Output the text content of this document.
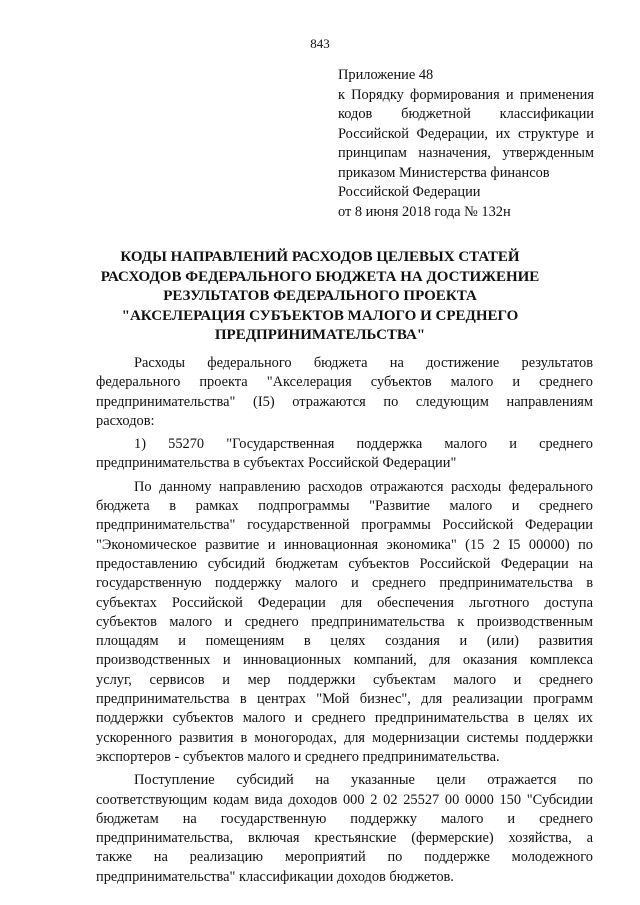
843
Приложение 48
к Порядку формирования и применения
кодов бюджетной классификации
Российской Федерации, их структуре и
принципам назначения, утвержденным
приказом Министерства финансов
Российской Федерации
от 8 июня 2018 года № 132н
КОДЫ НАПРАВЛЕНИЙ РАСХОДОВ ЦЕЛЕВЫХ СТАТЕЙ
РАСХОДОВ ФЕДЕРАЛЬНОГО БЮДЖЕТА НА ДОСТИЖЕНИЕ
РЕЗУЛЬТАТОВ ФЕДЕРАЛЬНОГО ПРОЕКТА
"АКСЕЛЕРАЦИЯ СУБЪЕКТОВ МАЛОГО И СРЕДНЕГО
ПРЕДПРИНИМАТЕЛЬСТВА"
Расходы федерального бюджета на достижение результатов
федерального проекта "Акселерация субъектов малого и среднего
предпринимательства" (I5) отражаются по следующим направлениям
расходов:
1) 55270 "Государственная поддержка малого и среднего
предпринимательства в субъектах Российской Федерации"
По данному направлению расходов отражаются расходы федерального
бюджета в рамках подпрограммы "Развитие малого и среднего
предпринимательства" государственной программы Российской Федерации
"Экономическое развитие и инновационная экономика" (15 2 I5 00000) по
предоставлению субсидий бюджетам субъектов Российской Федерации на
государственную поддержку малого и среднего предпринимательства в
субъектах Российской Федерации для обеспечения льготного доступа
субъектов малого и среднего предпринимательства к производственным
площадям и помещениям в целях создания и (или) развития
производственных и инновационных компаний, для оказания комплекса
услуг, сервисов и мер поддержки субъектам малого и среднего
предпринимательства в центрах "Мой бизнес", для реализации программ
поддержки субъектов малого и среднего предпринимательства в целях их
ускоренного развития в моногородах, для модернизации системы поддержки
экспортеров - субъектов малого и среднего предпринимательства.
Поступление субсидий на указанные цели отражается по
соответствующим кодам вида доходов 000 2 02 25527 00 0000 150 "Субсидии
бюджетам на государственную поддержку малого и среднего
предпринимательства, включая крестьянские (фермерские) хозяйства, а
также на реализацию мероприятий по поддержке молодежного
предпринимательства" классификации доходов бюджетов.
